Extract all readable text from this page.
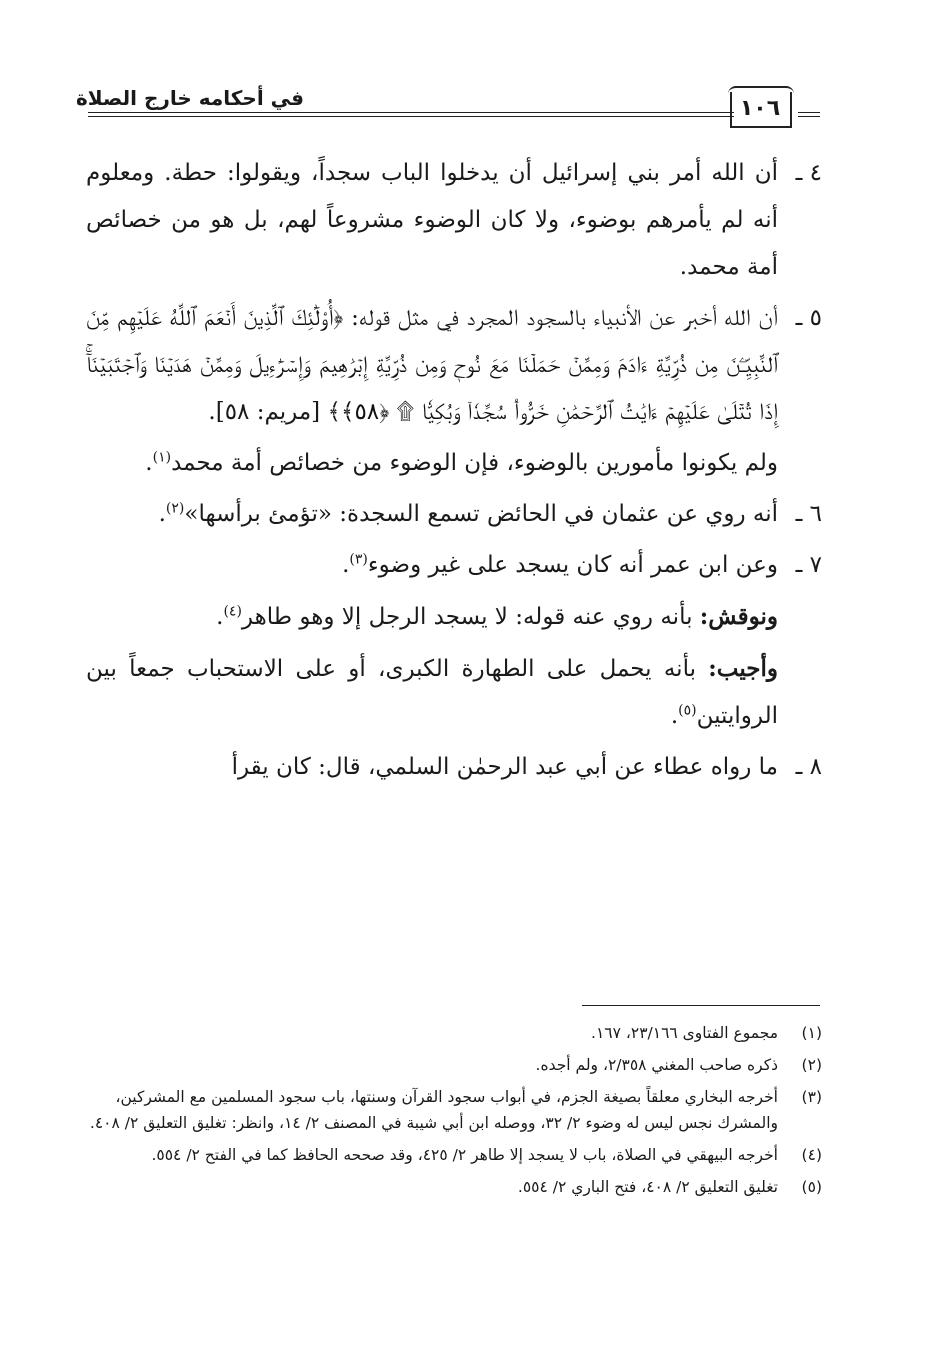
في أحكامه خارج الصلاة	١٠٦
٤ ـ
أن الله أمر بني إسرائيل أن يدخلوا الباب سجداً، ويقولوا: حطة. ومعلوم أنه لم يأمرهم بوضوء، ولا كان الوضوء مشروعاً لهم، بل هو من خصائص أمة محمد.
٥ ـ
أن الله أخبر عن الأنبياء بالسجود المجرد في مثل قوله: ﴿أُوْلَٰٓئِكَ ٱلَّذِينَ أَنۡعَمَ ٱللَّهُ عَلَيۡهِم مِّنَ ٱلنَّبِيِّـۧنَ مِن ذُرِّيَّةِ ءَادَمَ وَمِمَّنۡ حَمَلۡنَا مَعَ نُوحٖ وَمِن ذُرِّيَّةِ إِبۡرَٰهِيمَ وَإِسۡرَٰٓءِيلَ وَمِمَّنۡ هَدَيۡنَا وَٱجۡتَبَيۡنَآۚ إِذَا تُتۡلَىٰ عَلَيۡهِمۡ ءَايَٰتُ ٱلرَّحۡمَٰنِ خَرُّواْۤ سُجَّدٗاۤ وَبُكِيّٗا ۩ ﴿٥٨﴾﴾ [مريم: ٥٨].
ولم يكونوا مأمورين بالوضوء، فإن الوضوء من خصائص أمة محمد$^{(١)}$.
٦ ـ
أنه روي عن عثمان في الحائض تسمع السجدة: «تؤمئ برأسها»$^{(٢)}$.
٧ ـ
وعن ابن عمر أنه كان يسجد على غير وضوء$^{(٣)}$.
ونوقش: بأنه روي عنه قوله: لا يسجد الرجل إلا وهو طاهر$^{(٤)}$.
وأجيب: بأنه يحمل على الطهارة الكبرى، أو على الاستحباب جمعاً بين الروايتين$^{(٥)}$.
٨ ـ
ما رواه عطاء عن أبي عبد الرحمٰن السلمي، قال: كان يقرأ
(١)
مجموع الفتاوى ٢٣/١٦٦، ١٦٧.
(٢)
ذكره صاحب المغني ٢/٣٥٨، ولم أجده.
(٣)
أخرجه البخاري معلقاً بصيغة الجزم، في أبواب سجود القرآن وسنتها، باب سجود المسلمين مع المشركين، والمشرك نجس ليس له وضوء ٢/ ٣٢، ووصله ابن أبي شيبة في المصنف ٢/ ١٤، وانظر: تغليق التعليق ٢/ ٤٠٨.
(٤)
أخرجه البيهقي في الصلاة، باب لا يسجد إلا طاهر ٢/ ٤٢٥، وقد صححه الحافظ كما في الفتح ٢/ ٥٥٤.
(٥)
تغليق التعليق ٢/ ٤٠٨، فتح الباري ٢/ ٥٥٤.
